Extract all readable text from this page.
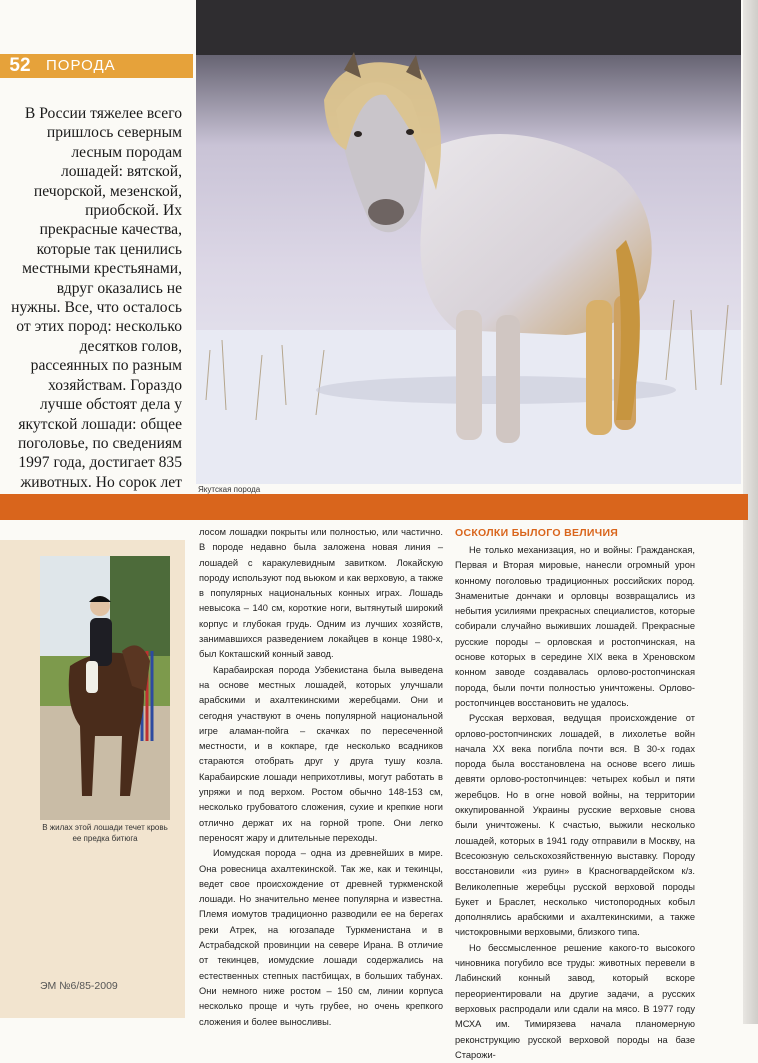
52	ПОРОДА
В России тяжелее всего пришлось северным лесным породам лошадей: вятской, печорской, мезенской, приобской. Их прекрасные качества, которые так ценились местными крестьянами, вдруг оказались не нужны. Все, что осталось от этих пород: несколько десятков голов, рассеянных по разным хозяйствам. Гораздо лучше обстоят дела у якутской лошади: общее поголовье, по сведениям 1997 года, достигает 835 животных. Но сорок лет Якутская порода
В жилах этой лошади течет кровь ее предка битюга
ЭМ №6/85-2009

лосом лошадки покрыты или полностью, или частично. В породе недавно была заложена новая линия – лошадей с каракулевидным завитком. Локайскую породу используют под вьюком и как верховую, а также в популярных национальных конных играх. Лошадь невысока – 140 см, короткие ноги, вытянутый широкий корпус и глубокая грудь. Одним из лучших хозяйств, занимавшихся разведением локайцев в конце 1980-х, был Кокташский конный завод.

Карабаирская порода Узбекистана была выведена на основе местных лошадей, которых улучшали арабскими и ахалтекинскими жеребцами. Они и сегодня участвуют в очень популярной национальной игре аламан-пойга – скачках по пересеченной местности, и в кокпаре, где несколько всадников стараются отобрать друг у друга тушу козла. Карабаирские лошади неприхотливы, могут работать в упряжи и под верхом. Ростом обычно 148-153 см, несколько грубоватого сложения, сухие и крепкие ноги отлично держат их на горной тропе. Они легко переносят жару и длительные переходы.

Иомудская порода – одна из древнейших в мире. Она ровесница ахалтекинской. Так же, как и текинцы, ведет свое происхождение от древней туркменской лошади. Но значительно менее популярна и известна. Племя иомутов традиционно разводили ее на берегах реки Атрек, на югозападе Туркменистана и в Астрабадской провинции на севере Ирана. В отличие от текинцев, иомудские лошади содержались на естественных степных пастбищах, в больших табунах. Они немного ниже ростом – 150 см, линии корпуса несколько проще и чуть грубее, но очень крепкого сложения и более выносливы.

ОСКОЛКИ БЫЛОГО ВЕЛИЧИЯ

Не только механизация, но и войны: Гражданская, Первая и Вторая мировые, нанесли огромный урон конному поголовью традиционных российских пород. Знаменитые дончаки и орловцы возвращались из небытия усилиями прекрасных специалистов, которые собирали случайно выживших лошадей. Прекрасные русские породы – орловская и ростопчинская, на основе которых в середине XIX века в Хреновском конном заводе создавалась орлово-ростопчинская порода, были почти полностью уничтожены. Орлово-ростопчинцев восстановить не удалось.

Русская верховая, ведущая происхождение от орлово-ростопчинских лошадей, в лихолетье войн начала XX века погибла почти вся. В 30-х годах порода была восстановлена на основе всего лишь девяти орлово-ростопчинцев: четырех кобыл и пяти жеребцов. Но в огне новой войны, на территории оккупированной Украины русские верховые снова были уничтожены. К счастью, выжили несколько лошадей, которых в 1941 году отправили в Москву, на Всесоюзную сельскохозяйственную выставку. Породу восстановили «из руин» в Красногвардейском к/з. Великолепные жеребцы русской верховой породы Букет и Браслет, несколько чистопородных кобыл дополнялись арабскими и ахалтекинскими, а также чистокровными верховыми, близкого типа.

Но бессмысленное решение какого-то высокого чиновника погубило все труды: животных перевели в Лабинский конный завод, который вскоре переориентировали на другие задачи, а русских верховых распродали или сдали на мясо. В 1977 году МСХА им. Тимирязева начала планомерную реконструкцию русской верховой породы на базе Старожи-
